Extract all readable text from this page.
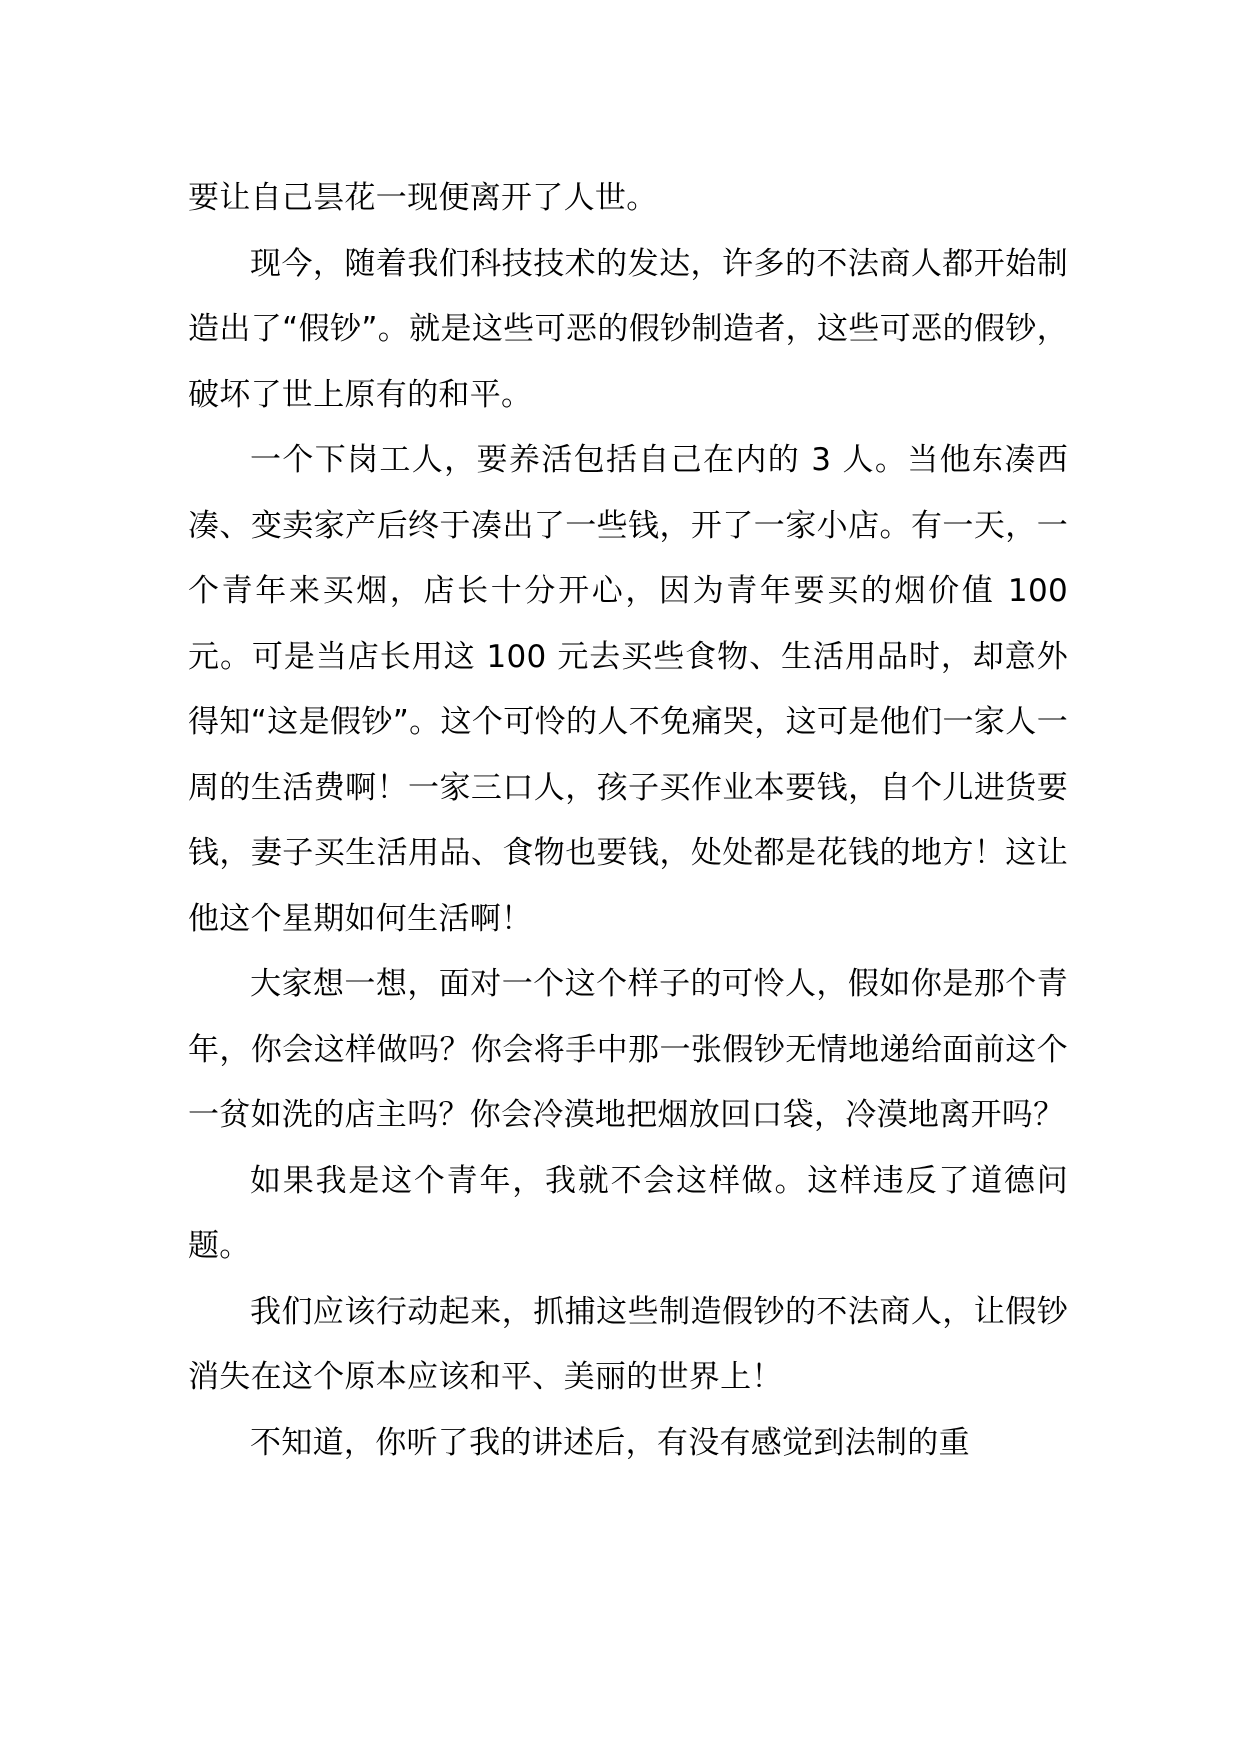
要让自己昙花一现便离开了人世。

现今，随着我们科技技术的发达，许多的不法商人都开始制造出了“假钞”。就是这些可恶的假钞制造者，这些可恶的假钞，破坏了世上原有的和平。

一个下岗工人，要养活包括自己在内的 3 人。当他东凑西凑、变卖家产后终于凑出了一些钱，开了一家小店。有一天，一个青年来买烟，店长十分开心，因为青年要买的烟价值 100 元。可是当店长用这 100 元去买些食物、生活用品时，却意外得知“这是假钞”。这个可怜的人不免痛哭，这可是他们一家人一周的生活费啊！一家三口人，孩子买作业本要钱，自个儿进货要钱，妻子买生活用品、食物也要钱，处处都是花钱的地方！这让他这个星期如何生活啊！

大家想一想，面对一个这个样子的可怜人，假如你是那个青年，你会这样做吗？你会将手中那一张假钞无情地递给面前这个一贫如洗的店主吗？你会冷漠地把烟放回口袋，冷漠地离开吗？

如果我是这个青年，我就不会这样做。这样违反了道德问题。

我们应该行动起来，抓捕这些制造假钞的不法商人，让假钞消失在这个原本应该和平、美丽的世界上！

不知道，你听了我的讲述后，有没有感觉到法制的重
